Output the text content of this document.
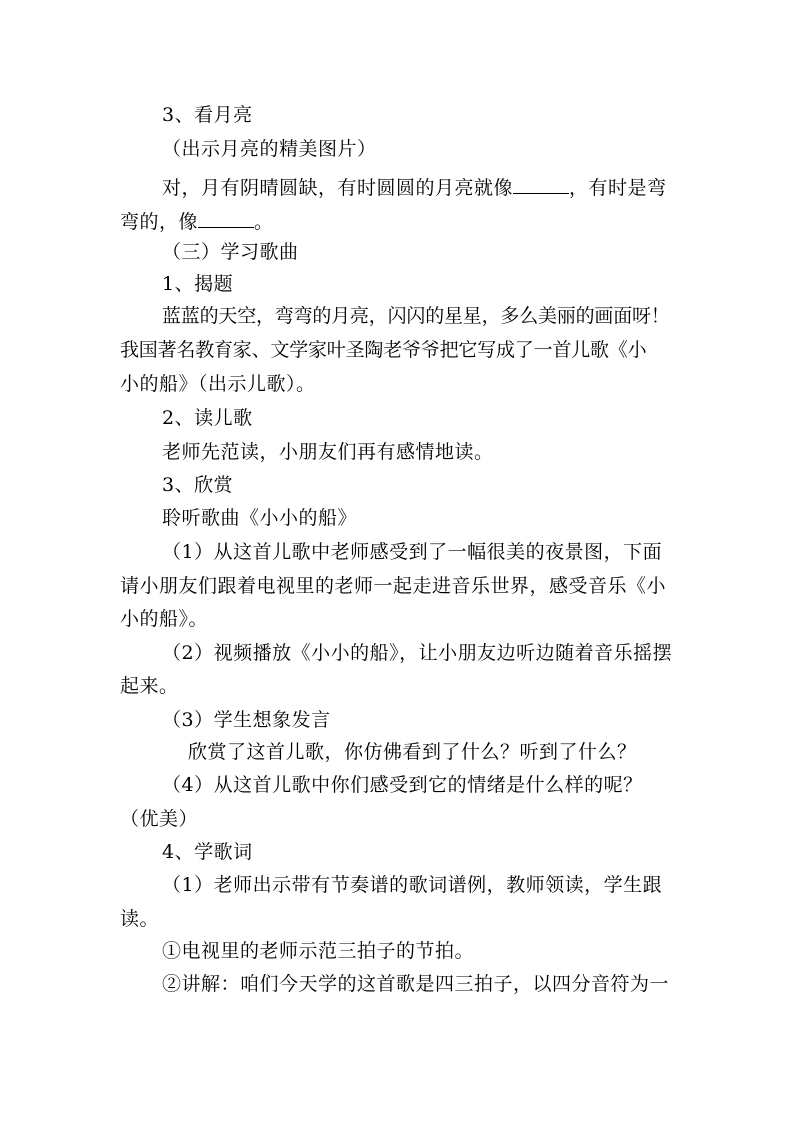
3、看月亮
（出示月亮的精美图片）
对，月有阴晴圆缺，有时圆圆的月亮就像	，有时是弯
弯的，像	。
（三）学习歌曲
1、揭题
蓝蓝的天空，弯弯的月亮，闪闪的星星，多么美丽的画面呀！
我国著名教育家、文学家叶圣陶老爷爷把它写成了一首儿歌《小
小的船》（出示儿歌）。
2、读儿歌
老师先范读，小朋友们再有感情地读。
3、欣赏
聆听歌曲《小小的船》
（1）从这首儿歌中老师感受到了一幅很美的夜景图，下面
请小朋友们跟着电视里的老师一起走进音乐世界，感受音乐《小
小的船》。
（2）视频播放《小小的船》，让小朋友边听边随着音乐摇摆
起来。
（3）学生想象发言
欣赏了这首儿歌，你仿佛看到了什么？听到了什么？
（4）从这首儿歌中你们感受到它的情绪是什么样的呢？
（优美）
4、学歌词
（1）老师出示带有节奏谱的歌词谱例，教师领读，学生跟
读。
①电视里的老师示范三拍子的节拍。
②讲解：咱们今天学的这首歌是四三拍子，以四分音符为一
